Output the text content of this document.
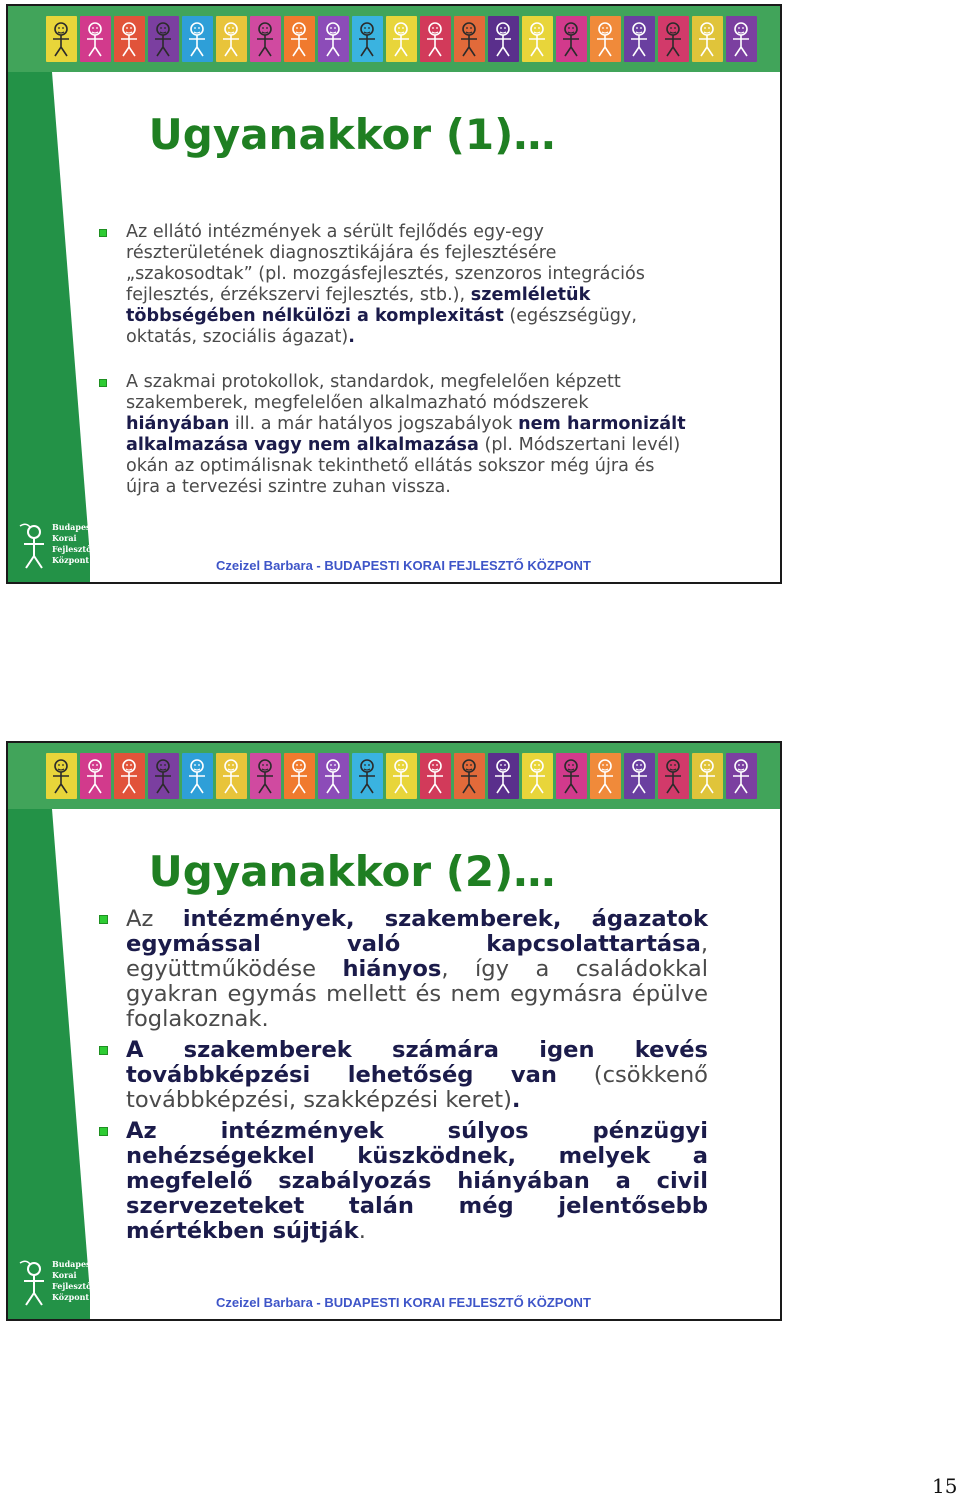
Ugyanakkor (1)…
Az ellátó intézmények a sérült fejlődés egy-egy részterületének diagnosztikájára és fejlesztésére „szakosodtak” (pl. mozgásfejlesztés, szenzoros integrációs fejlesztés, érzékszervi fejlesztés, stb.), szemléletük többségében nélkülözi a komplexitást (egészségügy, oktatás, szociális ágazat).
A szakmai protokollok, standardok, megfelelően képzett szakemberek, megfelelően alkalmazható módszerek hiányában ill. a már hatályos jogszabályok nem harmonizált alkalmazása vagy nem alkalmazása (pl. Módszertani levél) okán az optimálisnak tekinthető ellátás sokszor még újra és újra a tervezési szintre zuhan vissza.
Budapesti
Korai
Fejlesztő
Központ	Czeizel Barbara - BUDAPESTI KORAI FEJLESZTŐ KÖZPONT
Ugyanakkor (2)…
Az intézmények, szakemberek, ágazatok egymással való kapcsolattartása, együttműködése hiányos, így a családokkal gyakran egymás mellett és nem egymásra épülve foglakoznak.
A szakemberek számára igen kevés továbbképzési lehetőség van (csökkenő továbbképzési, szakképzési keret).
Az intézmények súlyos pénzügyi nehézségekkel küszködnek, melyek a megfelelő szabályozás hiányában a civil szervezeteket talán még jelentősebb mértékben sújtják.
Budapesti
Korai
Fejlesztő
Központ	Czeizel Barbara - BUDAPESTI KORAI FEJLESZTŐ KÖZPONT
15
